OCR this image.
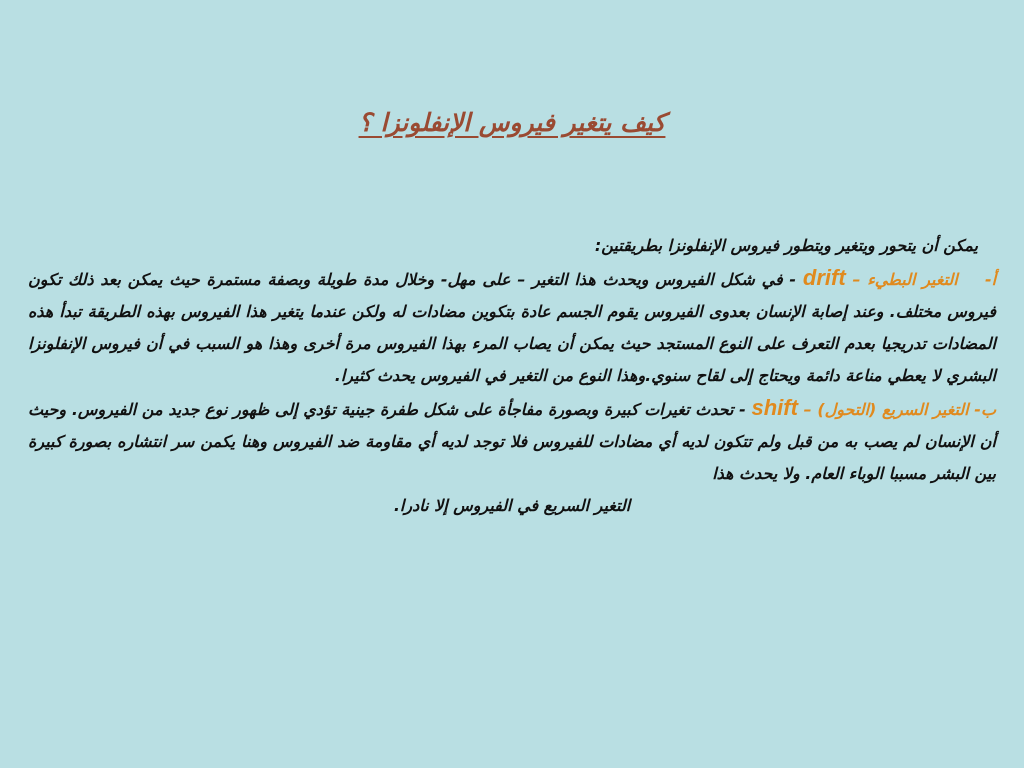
كيف يتغير فيروس الإنفلونزا ؟

يمكن أن يتحور ويتغير ويتطور فيروس الإنفلونزا بطريقتين:

أ-    التغير البطيء – drift - في شكل الفيروس ويحدث هذا التغير – على مهل- وخلال مدة طويلة وبصفة مستمرة حيث يمكن بعد ذلك تكون فيروس مختلف. وعند إصابة الإنسان بعدوى الفيروس يقوم الجسم عادة بتكوين مضادات له ولكن عندما يتغير هذا الفيروس بهذه الطريقة تبدأ هذه المضادات تدريجيا بعدم التعرف على النوع المستجد حيث يمكن أن يصاب المرء بهذا الفيروس مرة أخرى وهذا هو السبب في أن فيروس الإنفلونزا البشري لا يعطي مناعة دائمة ويحتاج إلى لقاح سنوي.وهذا النوع من التغير في الفيروس يحدث كثيرا.

ب- التغير السريع (التحول) – shift - تحدث تغيرات كبيرة وبصورة مفاجأة على شكل طفرة جينية تؤدي إلى ظهور نوع جديد من الفيروس. وحيث أن الإنسان لم يصب به من قبل ولم تتكون لديه أي مضادات للفيروس فلا توجد لديه أي مقاومة ضد الفيروس وهنا يكمن سر انتشاره بصورة كبيرة بين البشر مسببا الوباء العام. ولا يحدث هذا

التغير السريع في الفيروس إلا نادرا.
